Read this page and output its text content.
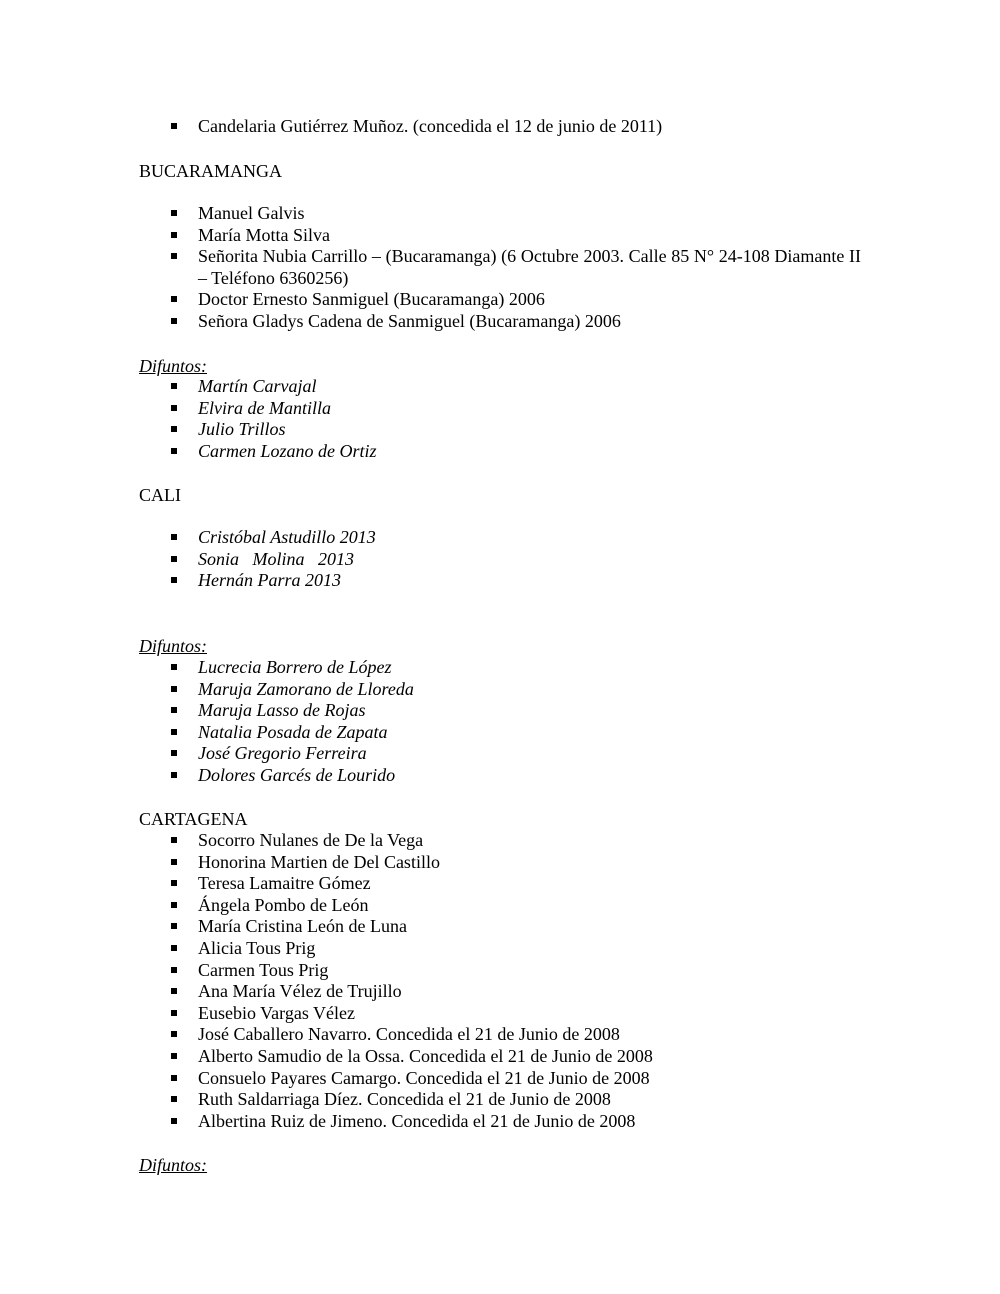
Candelaria Gutiérrez Muñoz. (concedida el 12 de junio de 2011)
BUCARAMANGA
Manuel Galvis
María Motta Silva
Señorita Nubia Carrillo – (Bucaramanga) (6 Octubre 2003. Calle 85 N° 24-108 Diamante II – Teléfono 6360256)
Doctor Ernesto Sanmiguel (Bucaramanga) 2006
Señora Gladys Cadena de Sanmiguel (Bucaramanga) 2006
Difuntos:
Martín Carvajal
Elvira de Mantilla
Julio Trillos
Carmen Lozano de Ortiz
CALI
Cristóbal Astudillo 2013
Sonia   Molina   2013
Hernán Parra 2013
Difuntos:
Lucrecia Borrero de López
Maruja Zamorano de Lloreda
Maruja Lasso de Rojas
Natalia Posada de Zapata
José Gregorio Ferreira
Dolores Garcés de Lourido
CARTAGENA
Socorro Nulanes de De la Vega
Honorina Martien de Del Castillo
Teresa Lamaitre Gómez
Ángela Pombo de León
María Cristina León de Luna
Alicia Tous Prig
Carmen Tous Prig
Ana María Vélez de Trujillo
Eusebio Vargas Vélez
José Caballero Navarro. Concedida el 21 de Junio de 2008
Alberto Samudio de la Ossa. Concedida el 21 de Junio de 2008
Consuelo Payares Camargo. Concedida el 21 de Junio de 2008
Ruth Saldarriaga Díez. Concedida el 21 de Junio de 2008
Albertina Ruiz de Jimeno. Concedida el 21 de Junio de 2008
Difuntos:
